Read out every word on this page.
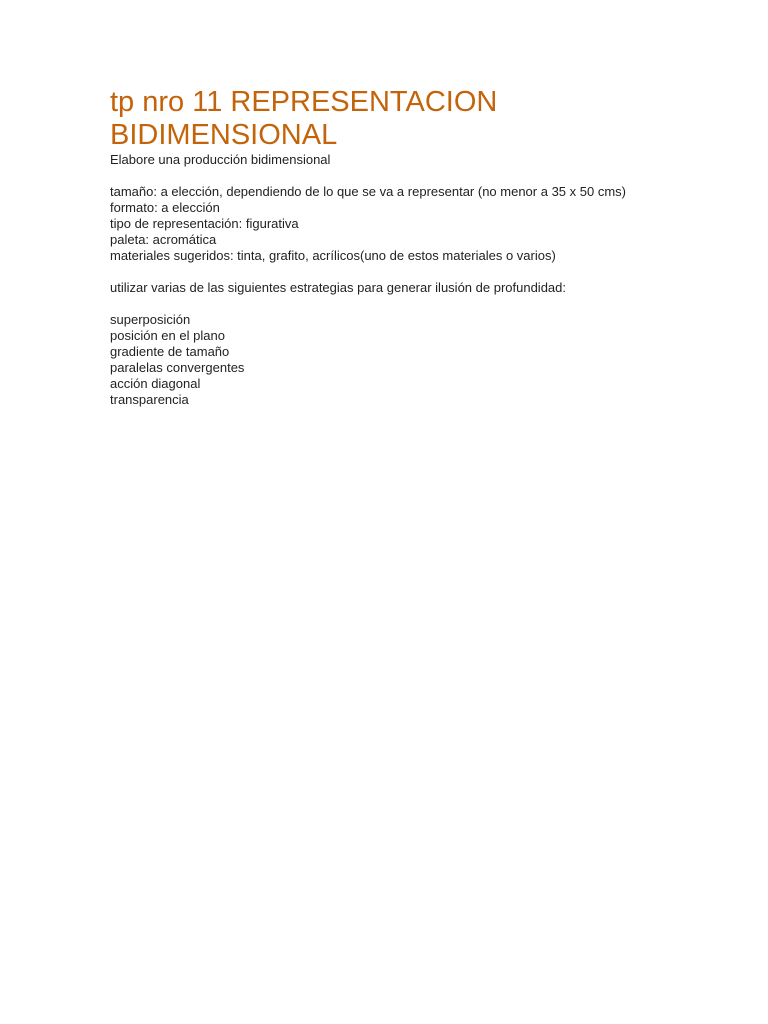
tp nro 11 REPRESENTACION BIDIMENSIONAL
Elabore una producción bidimensional
tamaño: a elección, dependiendo de lo que se va a representar (no menor a 35 x 50 cms)
formato: a elección
tipo de representación: figurativa
paleta: acromática
materiales sugeridos: tinta, grafito, acrílicos(uno de estos materiales o varios)
utilizar varias de las siguientes estrategias para generar ilusión de profundidad:
superposición
posición en el plano
gradiente de tamaño
paralelas convergentes
acción diagonal
transparencia
